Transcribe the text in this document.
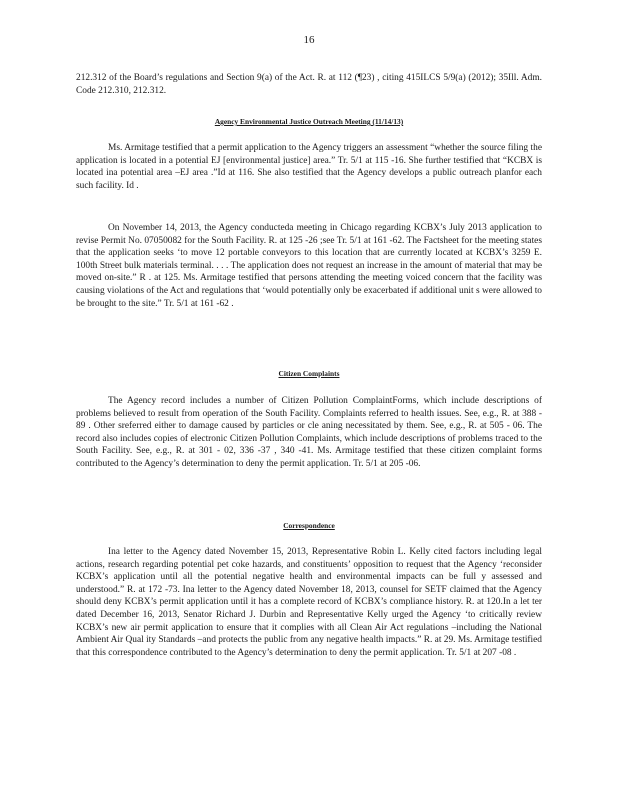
16

212.312 of the Board’s regulations and Section 9(a) of the Act. R. at 112 (¶23) , citing 415ILCS 5/9(a) (2012); 35Ill. Adm. Code 212.310, 212.312.

Agency Environmental Justice Outreach Meeting (11/14/13)

Ms. Armitage testified that a permit application to the Agency triggers an assessment “whether the source filing the application is located in a potential EJ [environmental justice] area.” Tr. 5/1 at 115 -16. She further testified that “KCBX is located ina potential area –EJ area .”Id at 116. She also testified that the Agency develops a public outreach planfor each such facility. Id .

On November 14, 2013, the Agency conducteda meeting in Chicago regarding KCBX’s July 2013 application to revise Permit No. 07050082 for the South Facility. R. at 125 -26 ;see Tr. 5/1 at 161 -62. The Factsheet for the meeting states that the application seeks ‘to move 12 portable conveyors to this location that are currently located at KCBX’s 3259 E. 100th Street bulk materials terminal. . . . The application does not request an increase in the amount of material that may be moved on-site.” R . at 125. Ms. Armitage testified that persons attending the meeting voiced concern that the facility was causing violations of the Act and regulations that ‘would potentially only be exacerbated if additional unit s were allowed to be brought to the site.” Tr. 5/1 at 161 -62 .

Citizen Complaints

The Agency record includes a number of Citizen Pollution ComplaintForms, which include descriptions of problems believed to result from operation of the South Facility. Complaints referred to health issues. See, e.g., R. at 388 - 89 . Other sreferred either to damage caused by particles or cle aning necessitated by them. See, e.g., R. at 505 - 06. The record also includes copies of electronic Citizen Pollution Complaints, which include descriptions of problems traced to the South Facility. See, e.g., R. at 301 - 02, 336 -37 , 340 -41. Ms. Armitage testified that these citizen complaint forms contributed to the Agency’s determination to deny the permit application. Tr. 5/1 at 205 -06.

Correspondence

Ina letter to the Agency dated November 15, 2013, Representative Robin L. Kelly cited factors including legal actions, research regarding potential pet coke hazards, and constituents’ opposition to request that the Agency ‘reconsider KCBX’s application until all the potential negative health and environmental impacts can be full y assessed and understood.” R. at 172 -73. Ina letter to the Agency dated November 18, 2013, counsel for SETF claimed that the Agency should deny KCBX’s permit application until it has a complete record of KCBX’s compliance history. R. at 120.In a let ter dated December 16, 2013, Senator Richard J. Durbin and Representative Kelly urged the Agency ‘to critically review KCBX’s new air permit application to ensure that it complies with all Clean Air Act regulations –including the National Ambient Air Qual ity Standards –and protects the public from any negative health impacts.” R. at 29. Ms. Armitage testified that this correspondence contributed to the Agency’s determination to deny the permit application. Tr. 5/1 at 207 -08 .
